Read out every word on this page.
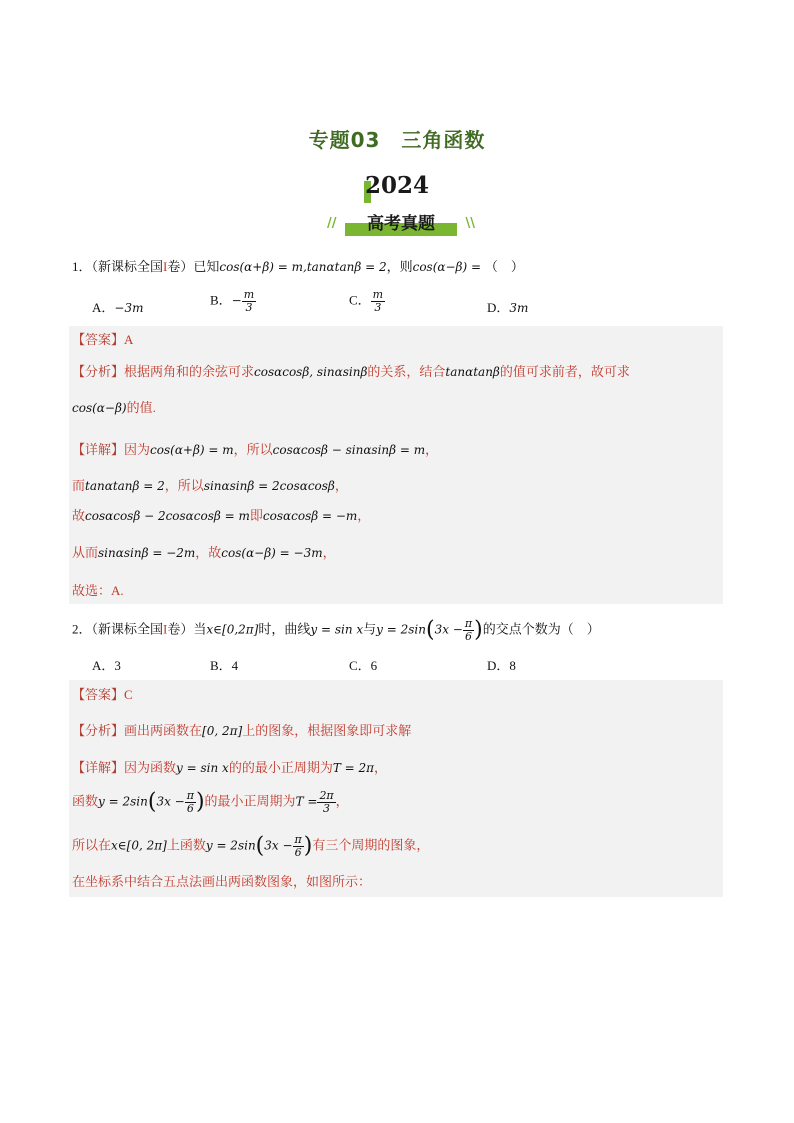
专题03　三角函数
2024
//	高考真题	\\
1．（新课标全国I卷）已知cos(α+β) = m,tanαtanβ = 2，则cos(α−β) = （　）
A．−3m
B．− $\frac{m}{3}$	C． $\frac{m}{3}$	D．3m
【答案】A
【分析】根据两角和的余弦可求cosαcosβ, sinαsinβ的关系，结合tanαtanβ的值可求前者，故可求
cos(α−β)的值.
【详解】因为cos(α+β) = m，所以cosαcosβ − sinαsinβ = m，
而tanαtanβ = 2，所以sinαsinβ = 2cosαcosβ，
故cosαcosβ − 2cosαcosβ = m即cosαcosβ = −m，
从而sinαsinβ = −2m，故cos(α−β) = −3m，
故选：A.
2．（新课标全国I卷）当x∈[0,2π]时，曲线y = sin x与$y = 2\sin(3x - \frac{\pi}{6}$ )的交点个数为（　）
A．3	B．4	C．6	D．8
【答案】C
【分析】画出两函数在[0, 2π]上的图象，根据图象即可求解
【详解】因为函数y = sin x的的最小正周期为T = 2π，
函数$y = 2\sin(3x - \frac{\pi}{6}$ )的最小正周期为$T = \frac{2\pi}{3}$ ，
所以在x∈[0, 2π]上函数$y = 2\sin(3x - \frac{\pi}{6}$ )有三个周期的图象，
在坐标系中结合五点法画出两函数图象，如图所示：
